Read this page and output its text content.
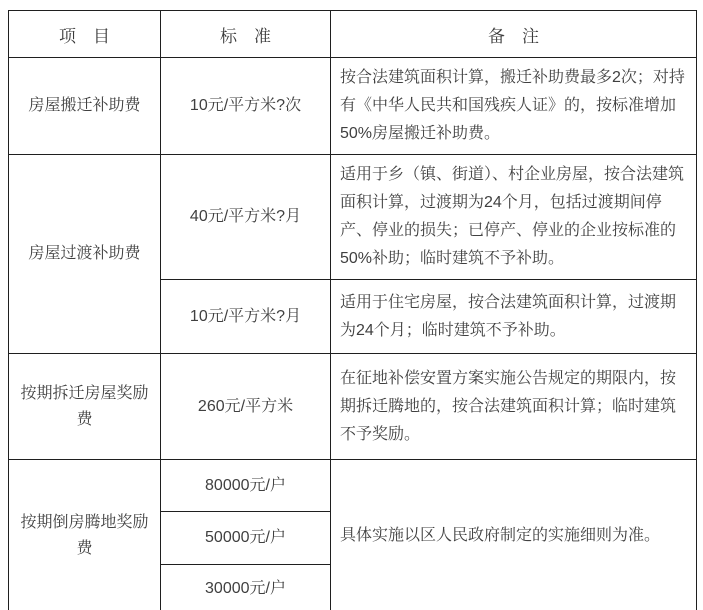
项　目	标　准	备　注
房屋搬迁补助费	10元/平方米?次	按合法建筑面积计算，搬迁补助费最多2次；对持有《中华人民共和国残疾人证》的，按标准增加50%房屋搬迁补助费。
房屋过渡补助费	40元/平方米?月	适用于乡（镇、街道）、村企业房屋，按合法建筑面积计算，过渡期为24个月，包括过渡期间停产、停业的损失；已停产、停业的企业按标准的50%补助；临时建筑不予补助。
	10元/平方米?月	适用于住宅房屋，按合法建筑面积计算，过渡期为24个月；临时建筑不予补助。
按期拆迁房屋奖励费	260元/平方米	在征地补偿安置方案实施公告规定的期限内，按期拆迁腾地的，按合法建筑面积计算；临时建筑不予奖励。
按期倒房腾地奖励费	80000元/户	具体实施以区人民政府制定的实施细则为准。
	50000元/户	
	30000元/户	
